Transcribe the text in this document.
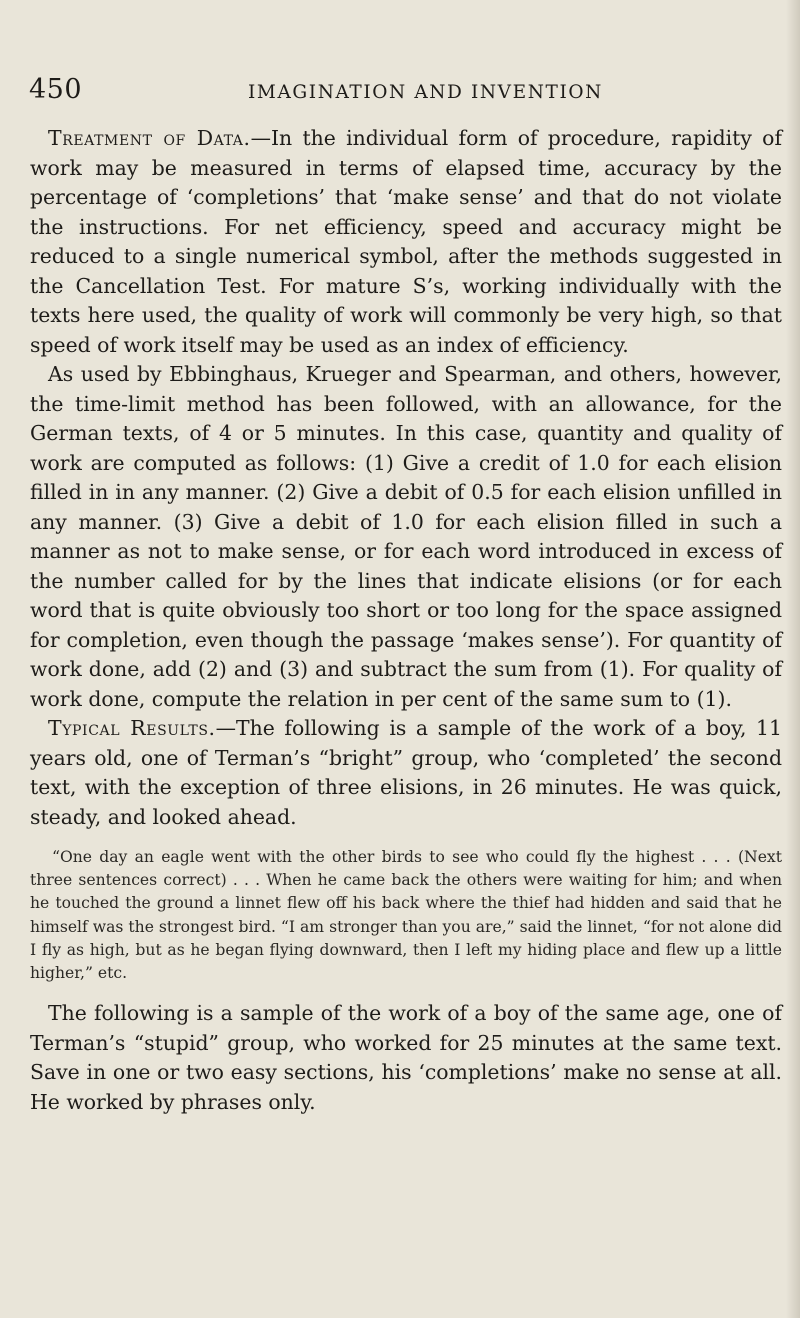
450	IMAGINATION AND INVENTION

Treatment of Data.—In the individual form of procedure, rapidity of work may be measured in terms of elapsed time, accuracy by the percentage of ‘completions’ that ‘make sense’ and that do not violate the instructions. For net efficiency, speed and accuracy might be reduced to a single numerical symbol, after the methods suggested in the Cancellation Test. For mature S’s, working individually with the texts here used, the quality of work will commonly be very high, so that speed of work itself may be used as an index of efficiency.

As used by Ebbinghaus, Krueger and Spearman, and others, however, the time-limit method has been followed, with an allowance, for the German texts, of 4 or 5 minutes. In this case, quantity and quality of work are computed as follows: (1) Give a credit of 1.0 for each elision filled in in any manner. (2) Give a debit of 0.5 for each elision unfilled in any manner. (3) Give a debit of 1.0 for each elision filled in such a manner as not to make sense, or for each word introduced in excess of the number called for by the lines that indicate elisions (or for each word that is quite obviously too short or too long for the space assigned for completion, even though the passage ‘makes sense’). For quantity of work done, add (2) and (3) and subtract the sum from (1). For quality of work done, compute the relation in per cent of the same sum to (1).

Typical Results.—The following is a sample of the work of a boy, 11 years old, one of Terman’s “bright” group, who ‘completed’ the second text, with the exception of three elisions, in 26 minutes. He was quick, steady, and looked ahead.

“One day an eagle went with the other birds to see who could fly the highest . . . (Next three sentences correct) . . . When he came back the others were waiting for him; and when he touched the ground a linnet flew off his back where the thief had hidden and said that he himself was the strongest bird. “I am stronger than you are,” said the linnet, “for not alone did I fly as high, but as he began flying downward, then I left my hiding place and flew up a little higher,” etc.

The following is a sample of the work of a boy of the same age, one of Terman’s “stupid” group, who worked for 25 minutes at the same text. Save in one or two easy sections, his ‘completions’ make no sense at all. He worked by phrases only.
